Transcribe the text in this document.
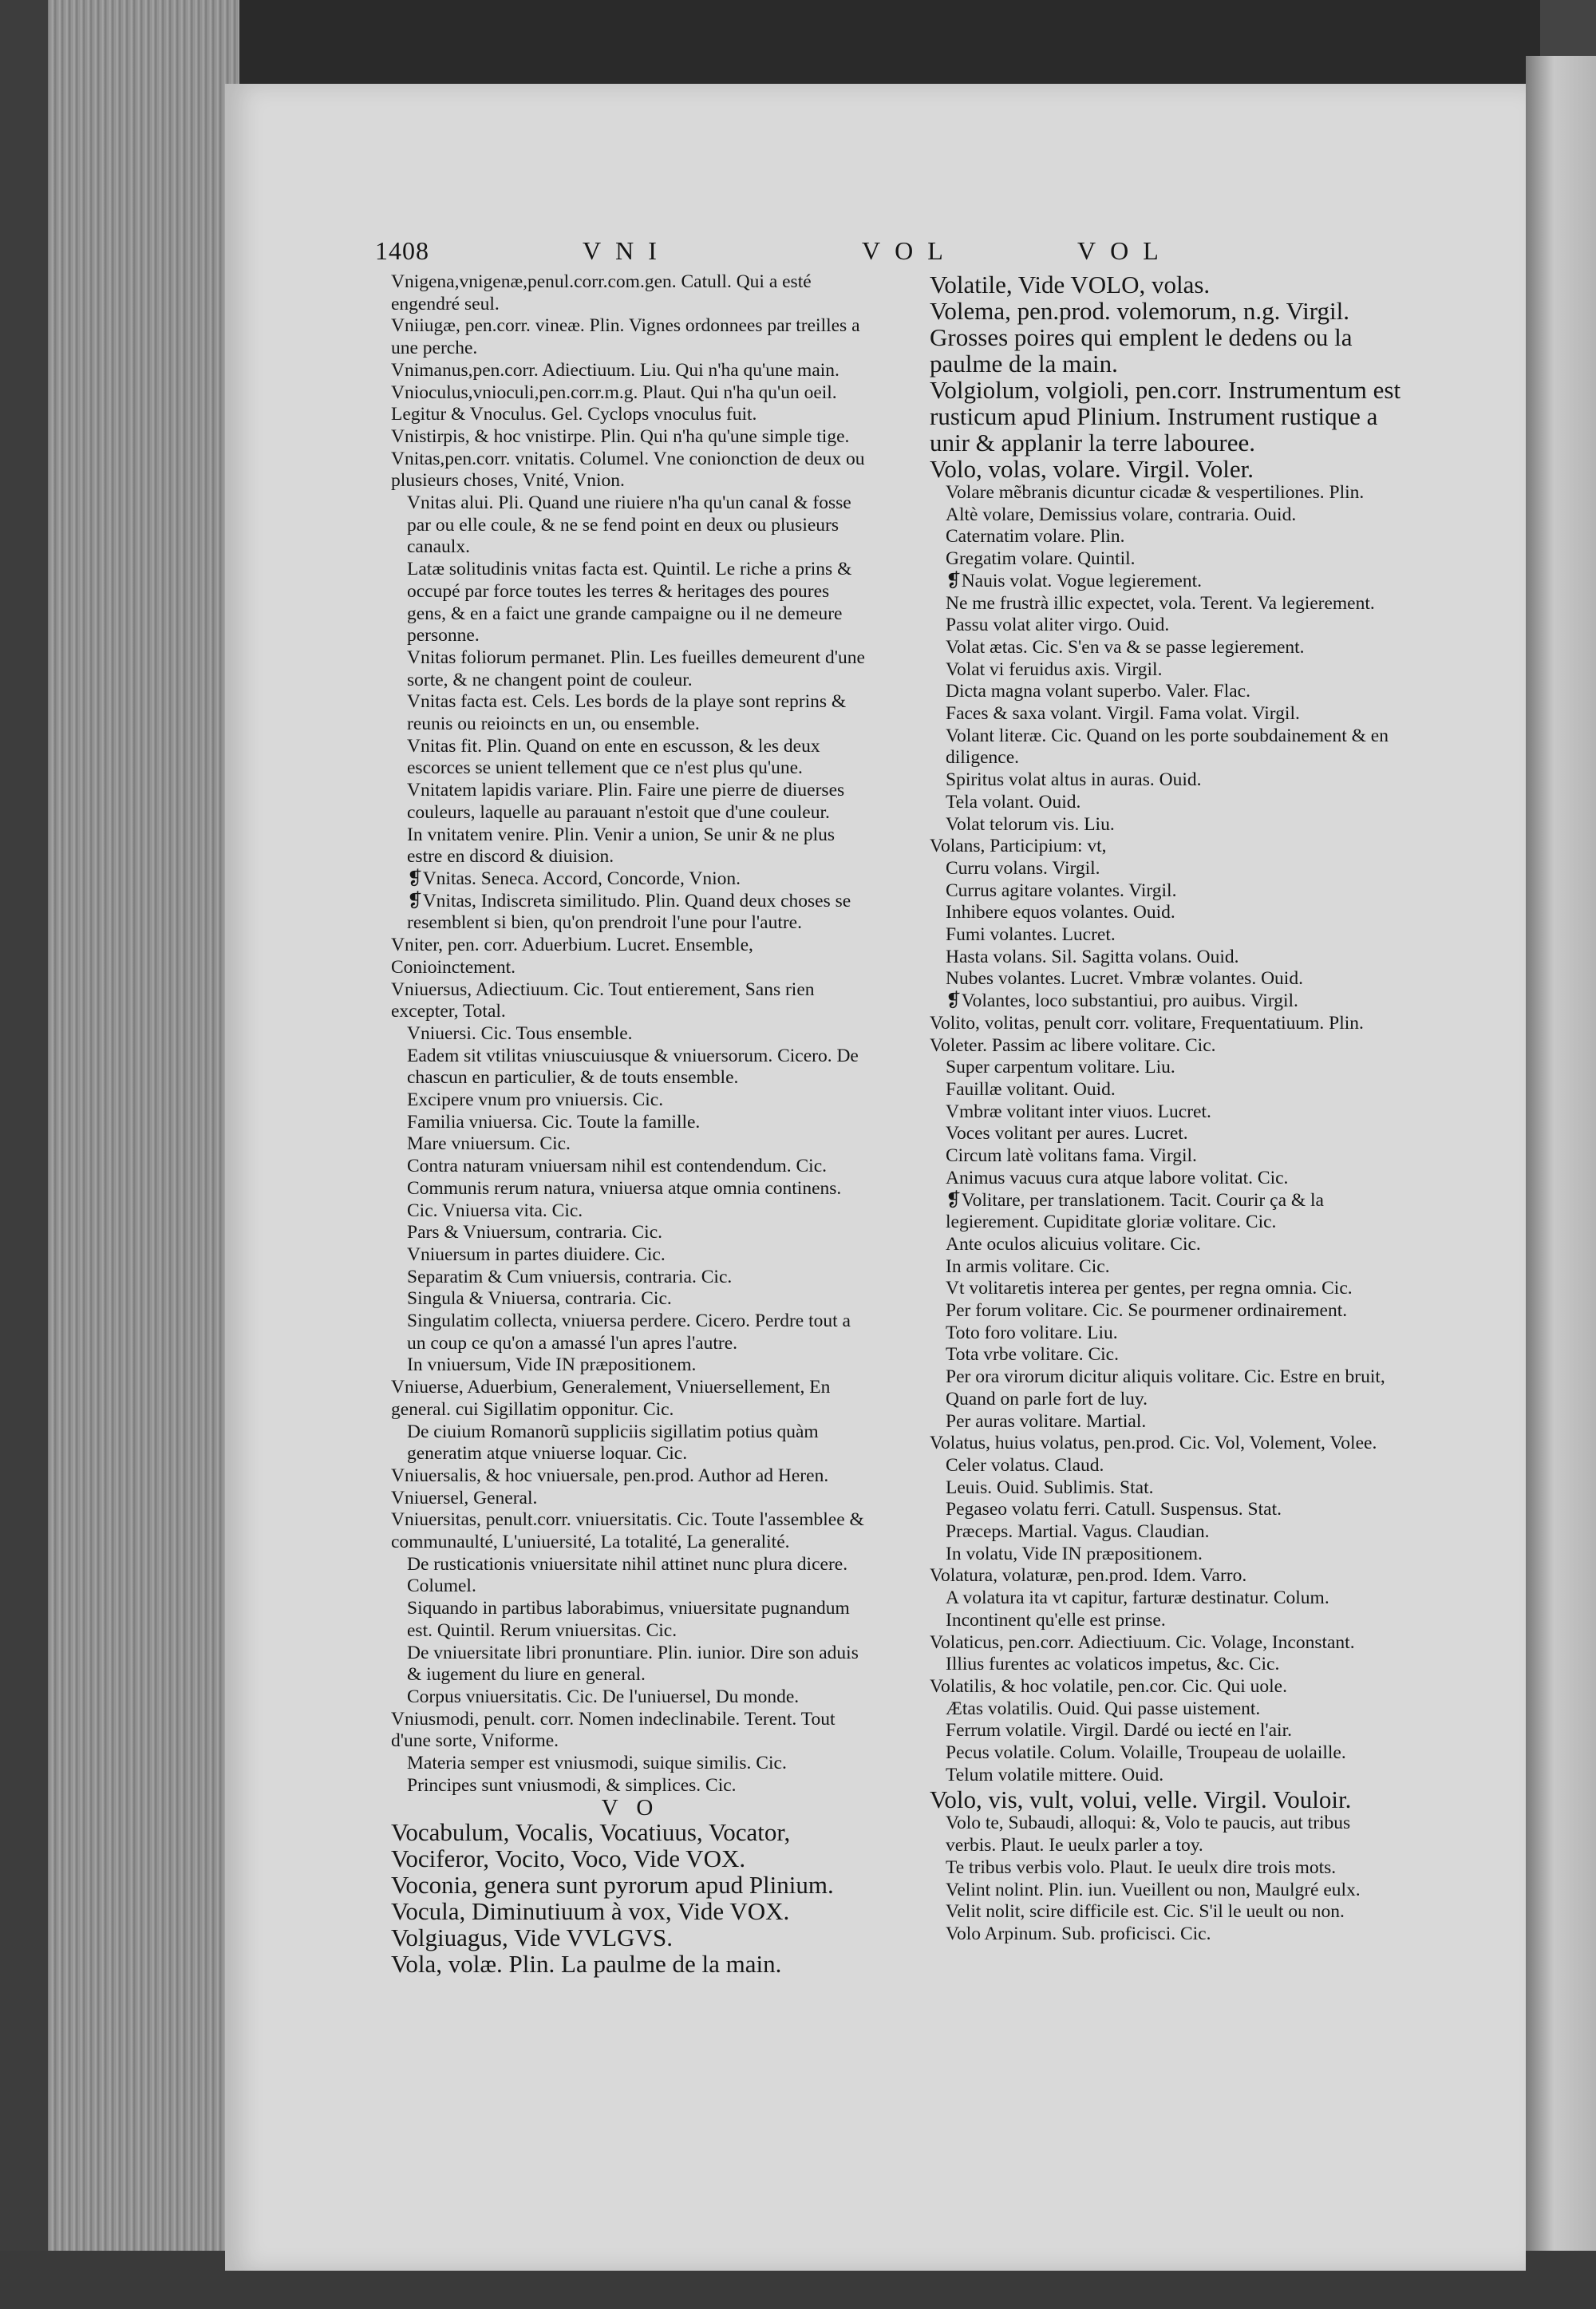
1408	VNI	VOL	VOL

Vnigena,vnigenæ,penul.corr.com.gen. Catull. Qui a esté engendré seul.

Vniiugæ, pen.corr. vineæ. Plin. Vignes ordonnees par treilles a une perche.

Vnimanus,pen.corr. Adiectiuum. Liu. Qui n'ha qu'une main.

Vnioculus,vnioculi,pen.corr.m.g. Plaut. Qui n'ha qu'un oeil. Legitur & Vnoculus. Gel. Cyclops vnoculus fuit.

Vnistirpis, & hoc vnistirpe. Plin. Qui n'ha qu'une simple tige.

Vnitas,pen.corr. vnitatis. Columel. Vne conionction de deux ou plusieurs choses, Vnité, Vnion.

Vnitas alui. Pli. Quand une riuiere n'ha qu'un canal & fosse par ou elle coule, & ne se fend point en deux ou plusieurs canaulx.

Latæ solitudinis vnitas facta est. Quintil. Le riche a prins & occupé par force toutes les terres & heritages des poures gens, & en a faict une grande campaigne ou il ne demeure personne.

Vnitas foliorum permanet. Plin. Les fueilles demeurent d'une sorte, & ne changent point de couleur.

Vnitas facta est. Cels. Les bords de la playe sont reprins & reunis ou reioincts en un, ou ensemble.

Vnitas fit. Plin. Quand on ente en escusson, & les deux escorces se unient tellement que ce n'est plus qu'une.

Vnitatem lapidis variare. Plin. Faire une pierre de diuerses couleurs, laquelle au parauant n'estoit que d'une couleur.

In vnitatem venire. Plin. Venir a union, Se unir & ne plus estre en discord & diuision.

❡Vnitas. Seneca. Accord, Concorde, Vnion.

❡Vnitas, Indiscreta similitudo. Plin. Quand deux choses se resemblent si bien, qu'on prendroit l'une pour l'autre.

Vniter, pen. corr. Aduerbium. Lucret. Ensemble, Conioinctement.

Vniuersus, Adiectiuum. Cic. Tout entierement, Sans rien excepter, Total.

Vniuersi. Cic. Tous ensemble.

Eadem sit vtilitas vniuscuiusque & vniuersorum. Cicero. De chascun en particulier, & de touts ensemble.

Excipere vnum pro vniuersis. Cic.

Familia vniuersa. Cic. Toute la famille.

Mare vniuersum. Cic.

Contra naturam vniuersam nihil est contendendum. Cic.

Communis rerum natura, vniuersa atque omnia continens. Cic. Vniuersa vita. Cic.

Pars & Vniuersum, contraria. Cic.

Vniuersum in partes diuidere. Cic.

Separatim & Cum vniuersis, contraria. Cic.

Singula & Vniuersa, contraria. Cic.

Singulatim collecta, vniuersa perdere. Cicero. Perdre tout a un coup ce qu'on a amassé l'un apres l'autre.

In vniuersum, Vide IN præpositionem.

Vniuerse, Aduerbium, Generalement, Vniuersellement, En general. cui Sigillatim opponitur. Cic.

De ciuium Romanorũ suppliciis sigillatim potius quàm generatim atque vniuerse loquar. Cic.

Vniuersalis, & hoc vniuersale, pen.prod. Author ad Heren. Vniuersel, General.

Vniuersitas, penult.corr. vniuersitatis. Cic. Toute l'assemblee & communaulté, L'uniuersité, La totalité, La generalité.

De rusticationis vniuersitate nihil attinet nunc plura dicere. Columel.

Siquando in partibus laborabimus, vniuersitate pugnandum est. Quintil. Rerum vniuersitas. Cic.

De vniuersitate libri pronuntiare. Plin. iunior. Dire son aduis & iugement du liure en general.

Corpus vniuersitatis. Cic. De l'uniuersel, Du monde.

Vniusmodi, penult. corr. Nomen indeclinabile. Terent. Tout d'une sorte, Vniforme.

Materia semper est vniusmodi, suique similis. Cic.

Principes sunt vniusmodi, & simplices. Cic.

V O

Vocabulum, Vocalis, Vocatiuus, Vocator, Vociferor, Vocito, Voco, Vide VOX.

Voconia, genera sunt pyrorum apud Plinium.

Vocula, Diminutiuum à vox, Vide VOX.

Volgiuagus, Vide VVLGVS.

Vola, volæ. Plin. La paulme de la main.

Volatile, Vide VOLO, volas.

Volema, pen.prod. volemorum, n.g. Virgil. Grosses poires qui emplent le dedens ou la paulme de la main.

Volgiolum, volgioli, pen.corr. Instrumentum est rusticum apud Plinium. Instrument rustique a unir & applanir la terre labouree.

Volo, volas, volare. Virgil. Voler.

Volare mẽbranis dicuntur cicadæ & vespertiliones. Plin.

Altè volare, Demissius volare, contraria. Ouid.

Caternatim volare. Plin.

Gregatim volare. Quintil.

❡Nauis volat. Vogue legierement.

Ne me frustrà illic expectet, vola. Terent. Va legierement.

Passu volat aliter virgo. Ouid.

Volat ætas. Cic. S'en va & se passe legierement.

Volat vi feruidus axis. Virgil.

Dicta magna volant superbo. Valer. Flac.

Faces & saxa volant. Virgil. Fama volat. Virgil.

Volant literæ. Cic. Quand on les porte soubdainement & en diligence.

Spiritus volat altus in auras. Ouid.

Tela volant. Ouid.

Volat telorum vis. Liu.

Volans, Participium: vt,

Curru volans. Virgil.

Currus agitare volantes. Virgil.

Inhibere equos volantes. Ouid.

Fumi volantes. Lucret.

Hasta volans. Sil. Sagitta volans. Ouid.

Nubes volantes. Lucret. Vmbræ volantes. Ouid.

❡Volantes, loco substantiui, pro auibus. Virgil.

Volito, volitas, penult corr. volitare, Frequentatiuum. Plin. Voleter. Passim ac libere volitare. Cic.

Super carpentum volitare. Liu.

Fauillæ volitant. Ouid.

Vmbræ volitant inter viuos. Lucret.

Voces volitant per aures. Lucret.

Circum latè volitans fama. Virgil.

Animus vacuus cura atque labore volitat. Cic.

❡Volitare, per translationem. Tacit. Courir ça & la legierement. Cupiditate gloriæ volitare. Cic.

Ante oculos alicuius volitare. Cic.

In armis volitare. Cic.

Vt volitaretis interea per gentes, per regna omnia. Cic.

Per forum volitare. Cic. Se pourmener ordinairement.

Toto foro volitare. Liu.

Tota vrbe volitare. Cic.

Per ora virorum dicitur aliquis volitare. Cic. Estre en bruit, Quand on parle fort de luy.

Per auras volitare. Martial.

Volatus, huius volatus, pen.prod. Cic. Vol, Volement, Volee.

Celer volatus. Claud.

Leuis. Ouid. Sublimis. Stat.

Pegaseo volatu ferri. Catull. Suspensus. Stat.

Præceps. Martial. Vagus. Claudian.

In volatu, Vide IN præpositionem.

Volatura, volaturæ, pen.prod. Idem. Varro.

A volatura ita vt capitur, farturæ destinatur. Colum. Incontinent qu'elle est prinse.

Volaticus, pen.corr. Adiectiuum. Cic. Volage, Inconstant.

Illius furentes ac volaticos impetus, &c. Cic.

Volatilis, & hoc volatile, pen.cor. Cic. Qui uole.

Ætas volatilis. Ouid. Qui passe uistement.

Ferrum volatile. Virgil. Dardé ou iecté en l'air.

Pecus volatile. Colum. Volaille, Troupeau de uolaille.

Telum volatile mittere. Ouid.

Volo, vis, vult, volui, velle. Virgil. Vouloir.

Volo te, Subaudi, alloqui: &, Volo te paucis, aut tribus verbis. Plaut. Ie ueulx parler a toy.

Te tribus verbis volo. Plaut. Ie ueulx dire trois mots.

Velint nolint. Plin. iun. Vueillent ou non, Maulgré eulx.

Velit nolit, scire difficile est. Cic. S'il le ueult ou non.

Volo Arpinum. Sub. proficisci. Cic.
